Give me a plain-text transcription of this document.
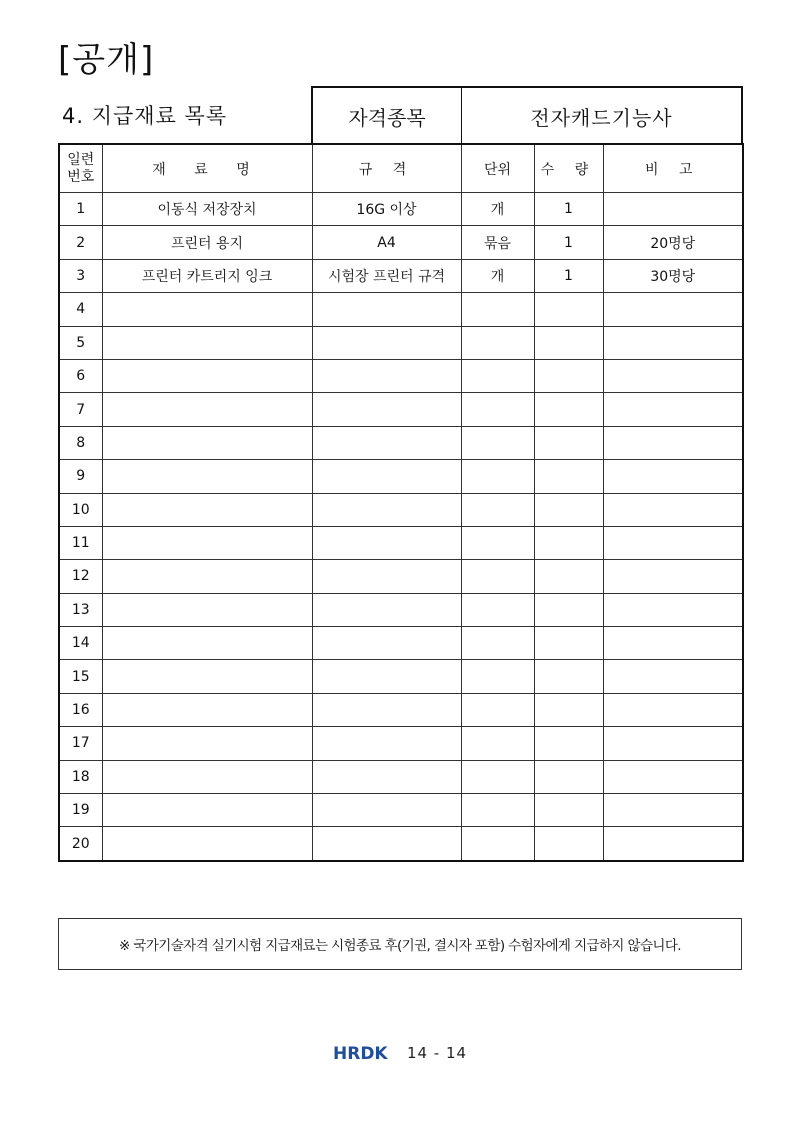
[공개]
4. 지급재료 목록	자격종목	전자캐드기능사
일련
번호	재 료 명	규 격	단위	수 량	비 고
1	이동식 저장장치	16G 이상	개	1	
2	프린터 용지	A4	묶음	1	20명당
3	프린터 카트리지 잉크	시험장 프린터 규격	개	1	30명당
4					
5					
6					
7					
8					
9					
10					
11					
12					
13					
14					
15					
16					
17					
18					
19					
20					
※ 국가기술자격 실기시험 지급재료는 시험종료 후(기권, 결시자 포함) 수험자에게 지급하지 않습니다.
HRDK 14 - 14
